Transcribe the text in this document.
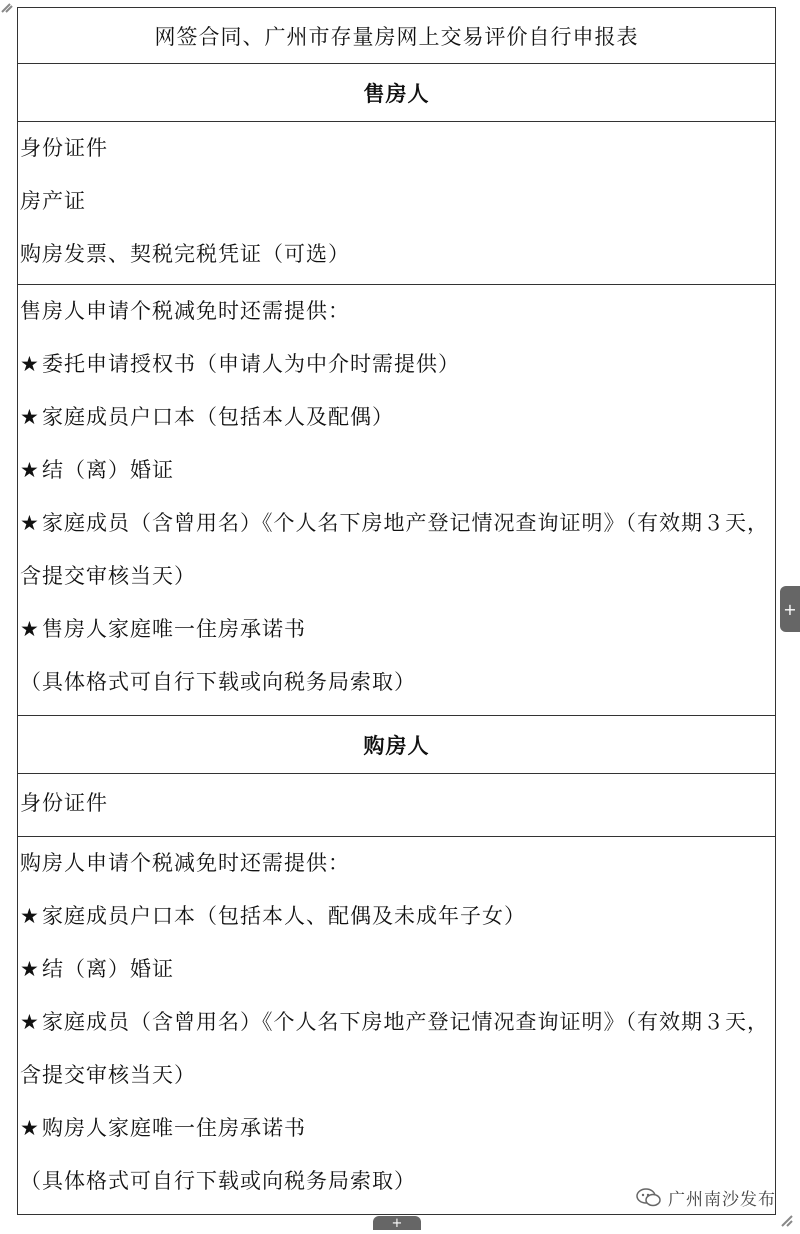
网签合同、广州市存量房网上交易评价自行申报表
售房人
身份证件
房产证
购房发票、契税完税凭证（可选）
售房人申请个税减免时还需提供：
★ 委托申请授权书（申请人为中介时需提供）
★ 家庭成员户口本（包括本人及配偶）
★ 结（离）婚证
★ 家庭成员（含曾用名）《个人名下房地产登记情况查询证明》（有效期３天，含提交审核当天）
★ 售房人家庭唯一住房承诺书
（具体格式可自行下载或向税务局索取）
购房人
身份证件
购房人申请个税减免时还需提供：
★ 家庭成员户口本（包括本人、配偶及未成年子女）
★ 结（离）婚证
★ 家庭成员（含曾用名）《个人名下房地产登记情况查询证明》（有效期３天，含提交审核当天）
★ 购房人家庭唯一住房承诺书
（具体格式可自行下载或向税务局索取）
+
+
广州南沙发布
